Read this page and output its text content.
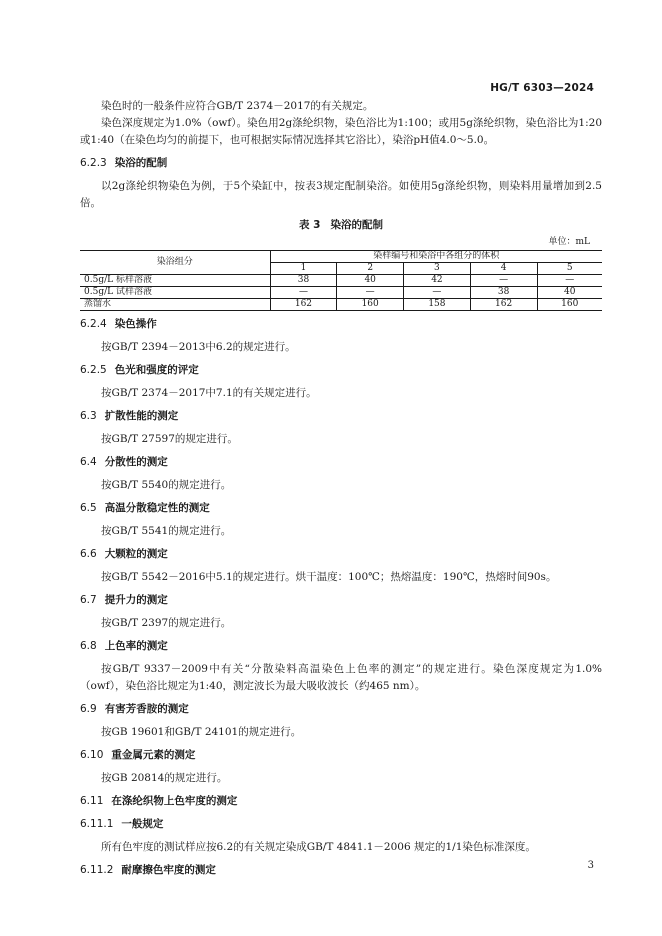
HG/T 6303—2024

染色时的一般条件应符合GB/T 2374－2017的有关规定。

染色深度规定为1.0%（owf）。染色用2g涤纶织物，染色浴比为1:100；或用5g涤纶织物，染色浴比为1:20或1:40（在染色均匀的前提下，也可根据实际情况选择其它浴比），染浴pH值4.0～5.0。

6.2.3 染浴的配制

以2g涤纶织物染色为例，于5个染缸中，按表3规定配制染浴。如使用5g涤纶织物，则染料用量增加到2.5倍。

表 3 染浴的配制
单位：mL
染浴组分	染样编号和染浴中各组分的体积				
	1	2	3	4	5
0.5g/L 标样溶液	38	40	42	—	—
0.5g/L 试样溶液	—	—	—	38	40
蒸馏水	162	160	158	162	160

6.2.4 染色操作

按GB/T 2394－2013中6.2的规定进行。

6.2.5 色光和强度的评定

按GB/T 2374－2017中7.1的有关规定进行。

6.3 扩散性能的测定

按GB/T 27597的规定进行。

6.4 分散性的测定

按GB/T 5540的规定进行。

6.5 高温分散稳定性的测定

按GB/T 5541的规定进行。

6.6 大颗粒的测定

按GB/T 5542－2016中5.1的规定进行。烘干温度：100℃；热熔温度：190℃，热熔时间90s。

6.7 提升力的测定

按GB/T 2397的规定进行。

6.8 上色率的测定

按GB/T 9337－2009中有关“分散染料高温染色上色率的测定”的规定进行。染色深度规定为1.0%（owf），染色浴比规定为1:40，测定波长为最大吸收波长（约465 nm）。

6.9 有害芳香胺的测定

按GB 19601和GB/T 24101的规定进行。

6.10 重金属元素的测定

按GB 20814的规定进行。

6.11 在涤纶织物上色牢度的测定

6.11.1 一般规定

所有色牢度的测试样应按6.2的有关规定染成GB/T 4841.1－2006 规定的1/1染色标准深度。

6.11.2 耐摩擦色牢度的测定	3
